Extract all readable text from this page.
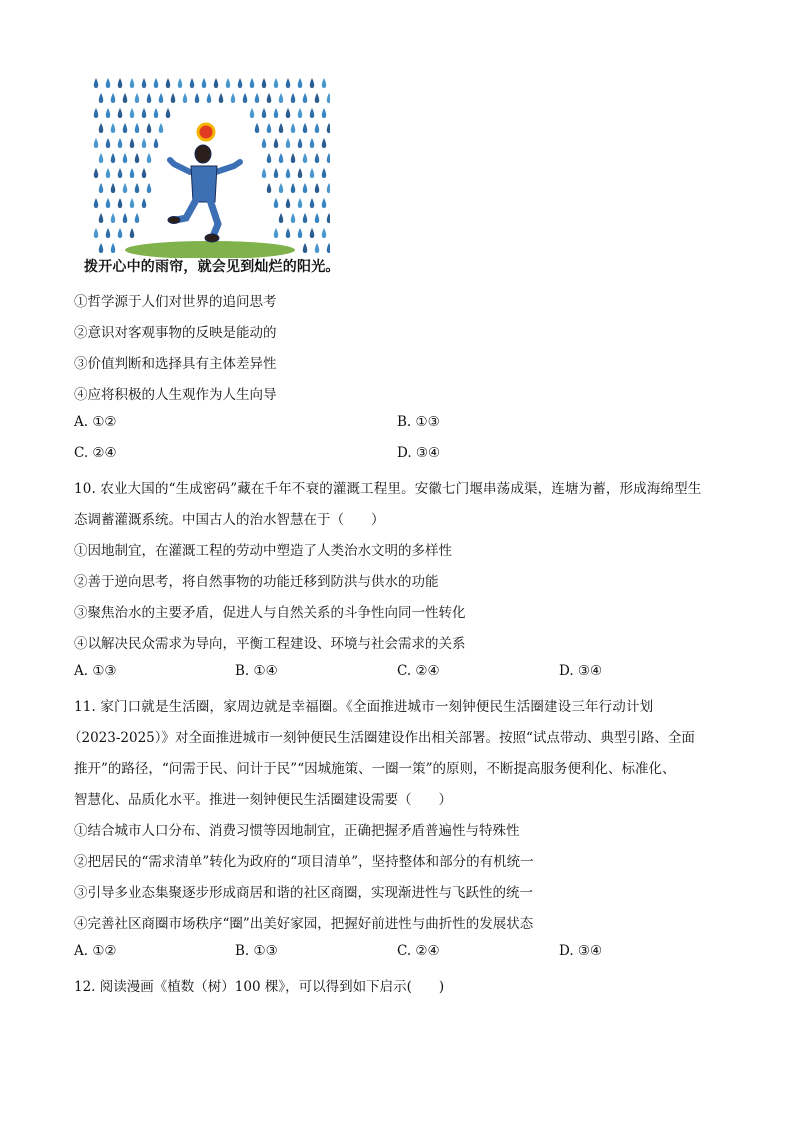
拨开心中的雨帘，就会见到灿烂的阳光。
①哲学源于人们对世界的追问思考
②意识对客观事物的反映是能动的
③价值判断和选择具有主体差异性
④应将积极的人生观作为人生向导
A. ①②	B. ①③
C. ②④	D. ③④
10. 农业大国的“生成密码”藏在千年不衰的灌溉工程里。安徽七门堰串荡成渠，连塘为蓄，形成海绵型生
态调蓄灌溉系统。中国古人的治水智慧在于（　　）
①因地制宜，在灌溉工程的劳动中塑造了人类治水文明的多样性
②善于逆向思考，将自然事物的功能迁移到防洪与供水的功能
③聚焦治水的主要矛盾，促进人与自然关系的斗争性向同一性转化
④以解决民众需求为导向，平衡工程建设、环境与社会需求的关系
A. ①③	B. ①④	C. ②④	D. ③④
11. 家门口就是生活圈，家周边就是幸福圈。《全面推进城市一刻钟便民生活圈建设三年行动计划
（2023-2025）》对全面推进城市一刻钟便民生活圈建设作出相关部署。按照“试点带动、典型引路、全面
推开”的路径，“问需于民、问计于民”“因城施策、一圈一策”的原则，不断提高服务便利化、标准化、
智慧化、品质化水平。推进一刻钟便民生活圈建设需要（　　）
①结合城市人口分布、消费习惯等因地制宜，正确把握矛盾普遍性与特殊性
②把居民的“需求清单”转化为政府的“项目清单”，坚持整体和部分的有机统一
③引导多业态集聚逐步形成商居和谐的社区商圈，实现渐进性与飞跃性的统一
④完善社区商圈市场秩序“圈”出美好家园，把握好前进性与曲折性的发展状态
A. ①②	B. ①③	C. ②④	D. ③④
12. 阅读漫画《植数（树）100 棵》，可以得到如下启示(　　)
